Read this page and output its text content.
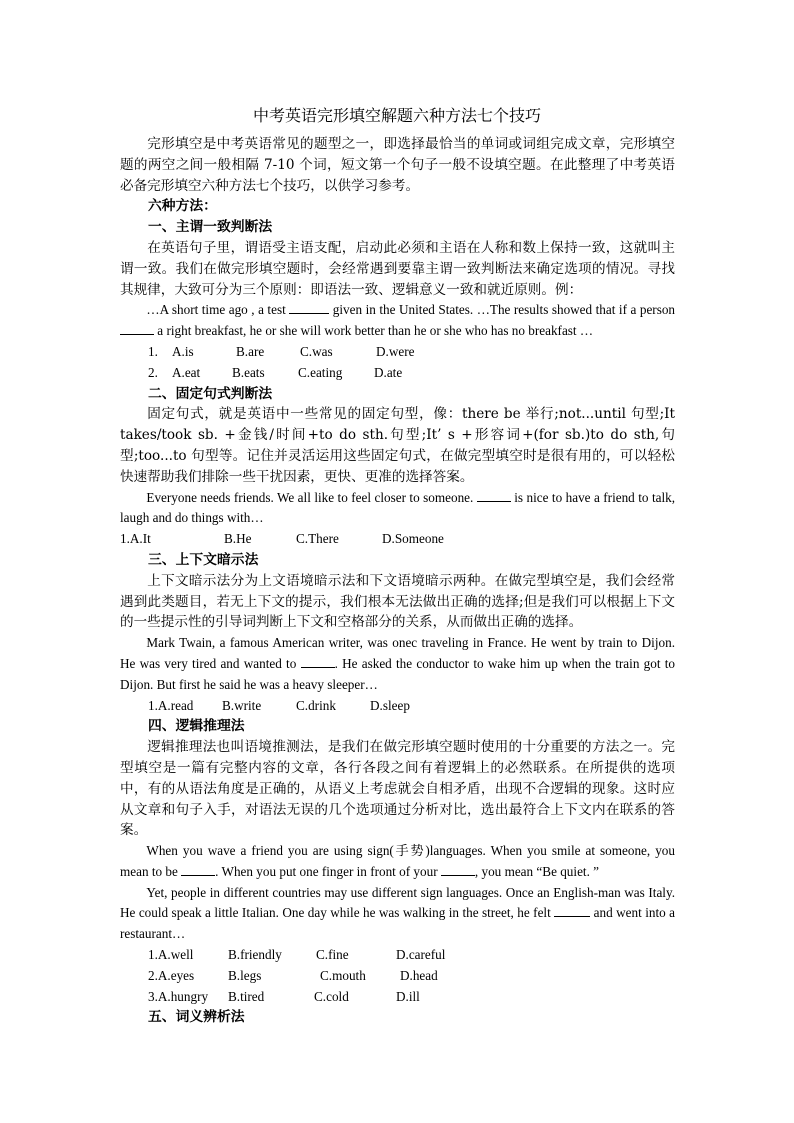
中考英语完形填空解题六种方法七个技巧

完形填空是中考英语常见的题型之一，即选择最恰当的单词或词组完成文章，完形填空题的两空之间一般相隔 7-10 个词，短文第一个句子一般不设填空题。在此整理了中考英语必备完形填空六种方法七个技巧，以供学习参考。

六种方法：

一、主谓一致判断法

在英语句子里，谓语受主语支配，启动此必须和主语在人称和数上保持一致，这就叫主谓一致。我们在做完形填空题时，会经常遇到要靠主谓一致判断法来确定选项的情况。寻找其规律，大致可分为三个原则：即语法一致、逻辑意义一致和就近原则。例：

…A short time ago , a test	given in the United States. …The results showed that if a person  a right breakfast, he or she will work better than he or she who has no breakfast …

1. A.is	B.are	C.was	D.were

2. A.eat B.eats	C.eating D.ate

二、固定句式判断法

固定句式，就是英语中一些常见的固定句型，像：there be 举行;not...until 句型;It takes/took sb. +金钱/时间+to do sth.句型;It’ s +形容词+(for sb.)to do sth,句型;too...to 句型等。记住并灵活运用这些固定句式，在做完型填空时是很有用的，可以轻松快速帮助我们排除一些干扰因素，更快、更准的选择答案。

Everyone needs friends. We all like to feel closer to someone.	is nice to have a friend to talk, laugh and do things with…

1.A.It	B.He	C.There	D.Someone

三、上下文暗示法

上下文暗示法分为上文语境暗示法和下文语境暗示两种。在做完型填空是，我们会经常遇到此类题目，若无上下文的提示，我们根本无法做出正确的选择;但是我们可以根据上下文的一些提示性的引导词判断上下文和空格部分的关系，从而做出正确的选择。

Mark Twain, a famous American writer, was onec traveling in France. He went by train to Dijon. He was very tired and wanted to	. He asked the conductor to wake him up when the train got to Dijon. But first he said he was a heavy sleeper…

1.A.read B.write	C.drink	D.sleep

四、逻辑推理法

逻辑推理法也叫语境推测法，是我们在做完形填空题时使用的十分重要的方法之一。完型填空是一篇有完整内容的文章，各行各段之间有着逻辑上的必然联系。在所提供的选项中，有的从语法角度是正确的，从语义上考虑就会自相矛盾，出现不合逻辑的现象。这时应从文章和句子入手，对语法无误的几个选项通过分析对比，选出最符合上下文内在联系的答案。

When you wave a friend you are using sign(手势)languages. When you smile at someone, you mean to be	. When you put one finger in front of your	, you mean “Be quiet. ”

Yet, people in different countries may use different sign languages. Once an English-man was Italy. He could speak a little Italian. One day while he was walking in the street, he felt	and went into a restaurant…

1.A.well	B.friendly	C.fine	D.careful

2.A.eyes	B.legs	C.mouth	D.head

3.A.hungry B.tired	C.cold	D.ill

五、词义辨析法
